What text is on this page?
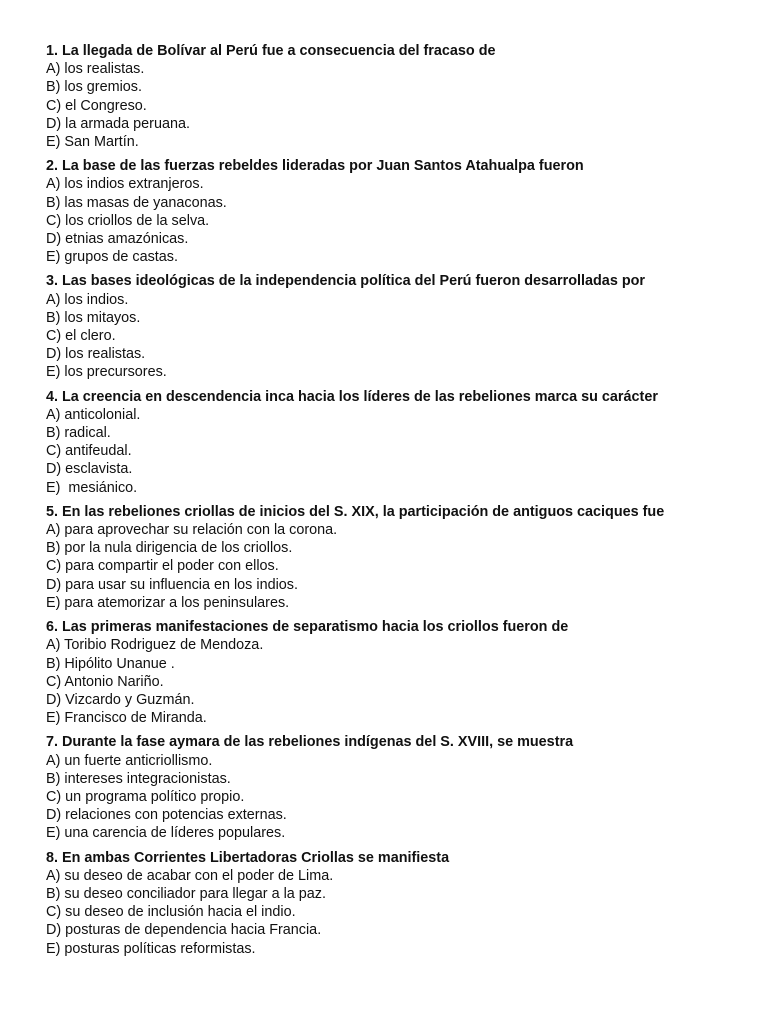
1. La llegada de Bolívar al Perú fue a consecuencia del fracaso de
A) los realistas.
B) los gremios.
C) el Congreso.
D) la armada peruana.
E) San Martín.
2. La base de las fuerzas rebeldes lideradas por Juan Santos Atahualpa fueron
A) los indios extranjeros.
B) las masas de yanaconas.
C) los criollos de la selva.
D) etnias amazónicas.
E) grupos de castas.
3. Las bases ideológicas de la independencia política del Perú fueron desarrolladas por
A) los indios.
B) los mitayos.
C) el clero.
D) los realistas.
E) los precursores.
4. La creencia en descendencia inca hacia los líderes de las rebeliones marca su carácter
A) anticolonial.
B) radical.
C) antifeudal.
D) esclavista.
E)  mesiánico.
5. En las rebeliones criollas de inicios del S. XIX, la participación de antiguos caciques fue
A) para aprovechar su relación con la corona.
B) por la nula dirigencia de los criollos.
C) para compartir el poder con ellos.
D) para usar su influencia en los indios.
E) para atemorizar a los peninsulares.
6. Las primeras manifestaciones de separatismo hacia los criollos fueron de
A) Toribio Rodriguez de Mendoza.
B) Hipólito Unanue .
C) Antonio Nariño.
D) Vizcardo y Guzmán.
E) Francisco de Miranda.
7. Durante la fase aymara de las rebeliones indígenas del S. XVIII, se muestra
A) un fuerte anticriollismo.
B) intereses integracionistas.
C) un programa político propio.
D) relaciones con potencias externas.
E) una carencia de líderes populares.
8. En ambas Corrientes Libertadoras Criollas se manifiesta
A) su deseo de acabar con el poder de Lima.
B) su deseo conciliador para llegar a la paz.
C) su deseo de inclusión hacia el indio.
D) posturas de dependencia hacia Francia.
E) posturas políticas reformistas.
